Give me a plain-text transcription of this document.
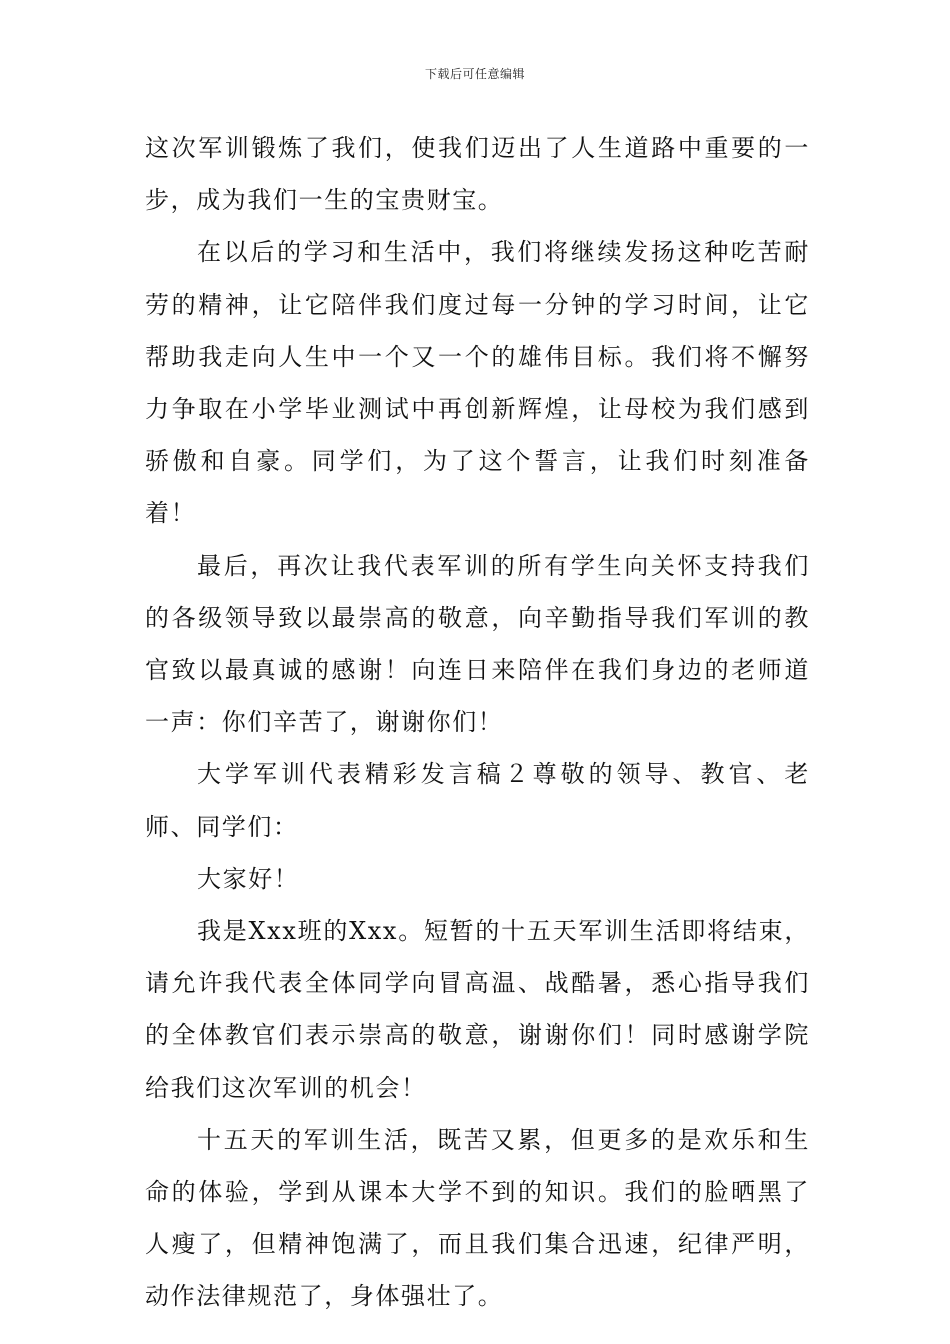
下载后可任意编辑

这次军训锻炼了我们，使我们迈出了人生道路中重要的一步，成为我们一生的宝贵财宝。

在以后的学习和生活中，我们将继续发扬这种吃苦耐劳的精神，让它陪伴我们度过每一分钟的学习时间，让它帮助我走向人生中一个又一个的雄伟目标。我们将不懈努力争取在小学毕业测试中再创新辉煌，让母校为我们感到骄傲和自豪。同学们，为了这个誓言，让我们时刻准备着！

最后，再次让我代表军训的所有学生向关怀支持我们的各级领导致以最崇高的敬意，向辛勤指导我们军训的教官致以最真诚的感谢！向连日来陪伴在我们身边的老师道一声：你们辛苦了，谢谢你们！

大学军训代表精彩发言稿２尊敬的领导、教官、老师、同学们：

大家好！

我是Xxx班的Xxx。短暂的十五天军训生活即将结束，请允许我代表全体同学向冒高温、战酷暑，悉心指导我们的全体教官们表示崇高的敬意，谢谢你们！同时感谢学院给我们这次军训的机会！

十五天的军训生活，既苦又累，但更多的是欢乐和生命的体验，学到从课本大学不到的知识。我们的脸晒黑了人瘦了，但精神饱满了，而且我们集合迅速，纪律严明，动作法律规范了，身体强壮了。
